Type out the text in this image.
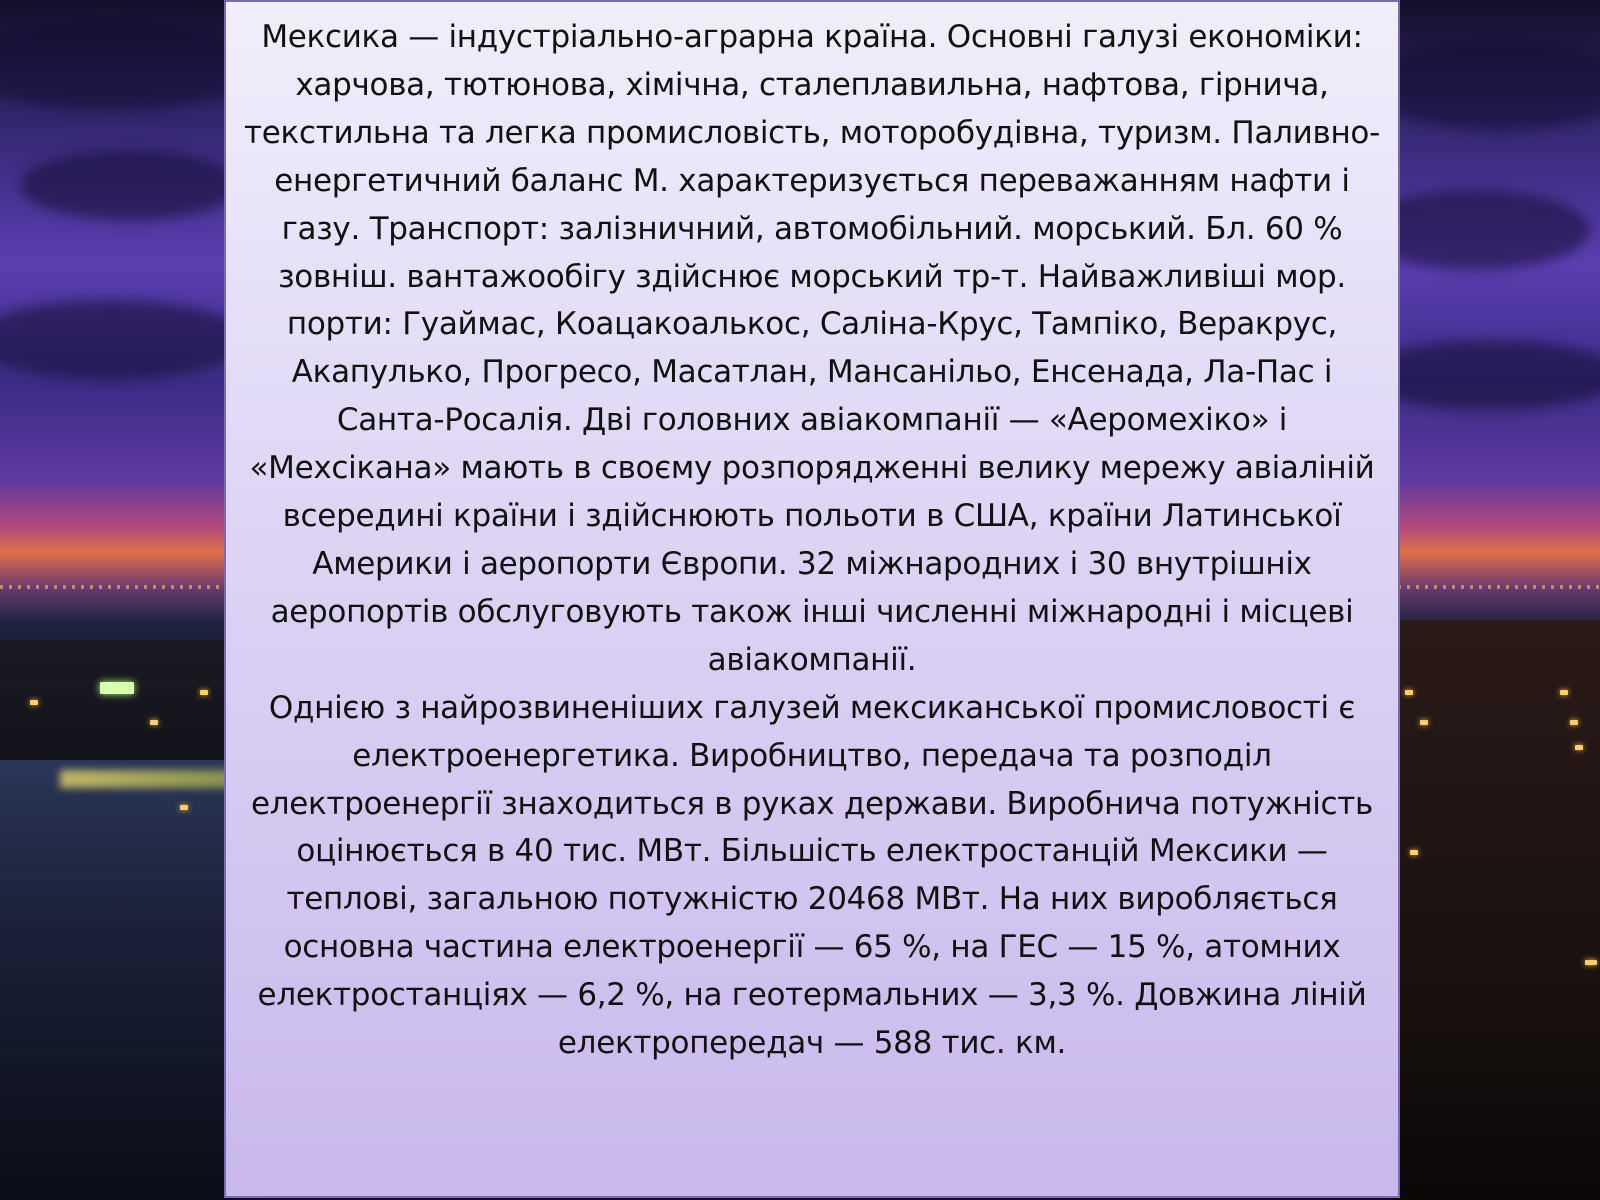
Мексика — індустріально-аграрна країна. Основні галузі економіки: харчова, тютюнова, хімічна, сталеплавильна, нафтова, гірнича, текстильна та легка промисловість, моторобудівна, туризм. Паливно-енергетичний баланс М. характеризується переважанням нафти і газу. Транспорт: залізничний, автомобільний. морський. Бл. 60 % зовніш. вантажообігу здійснює морський тр-т. Найважливіші мор. порти: Гуаймас, Коацакоалькос, Саліна-Крус, Тампіко, Веракрус, Акапулько, Прогресо, Масатлан, Мансанільо, Енсенада, Ла-Пас і Санта-Росалія. Дві головних авіакомпанії — «Аеромехіко» і «Мехсікана» мають в своєму розпорядженні велику мережу авіаліній всередині країни і здійснюють польоти в США, країни Латинської Америки і аеропорти Європи. 32 міжнародних і 30 внутрішніх аеропортів обслуговують також інші численні міжнародні і місцеві авіакомпанії.

Однією з найрозвиненіших галузей мексиканської промисловості є електроенергетика. Виробництво, передача та розподіл електроенергії знаходиться в руках держави. Виробнича потужність оцінюється в 40 тис. МВт. Більшість електростанцій Мексики — теплові, загальною потужністю 20468 МВт. На них виробляється основна частина електроенергії — 65 %, на ГЕС — 15 %, атомних електростанціях — 6,2 %, на геотермальних — 3,3 %. Довжина ліній електропередач — 588 тис. км.
